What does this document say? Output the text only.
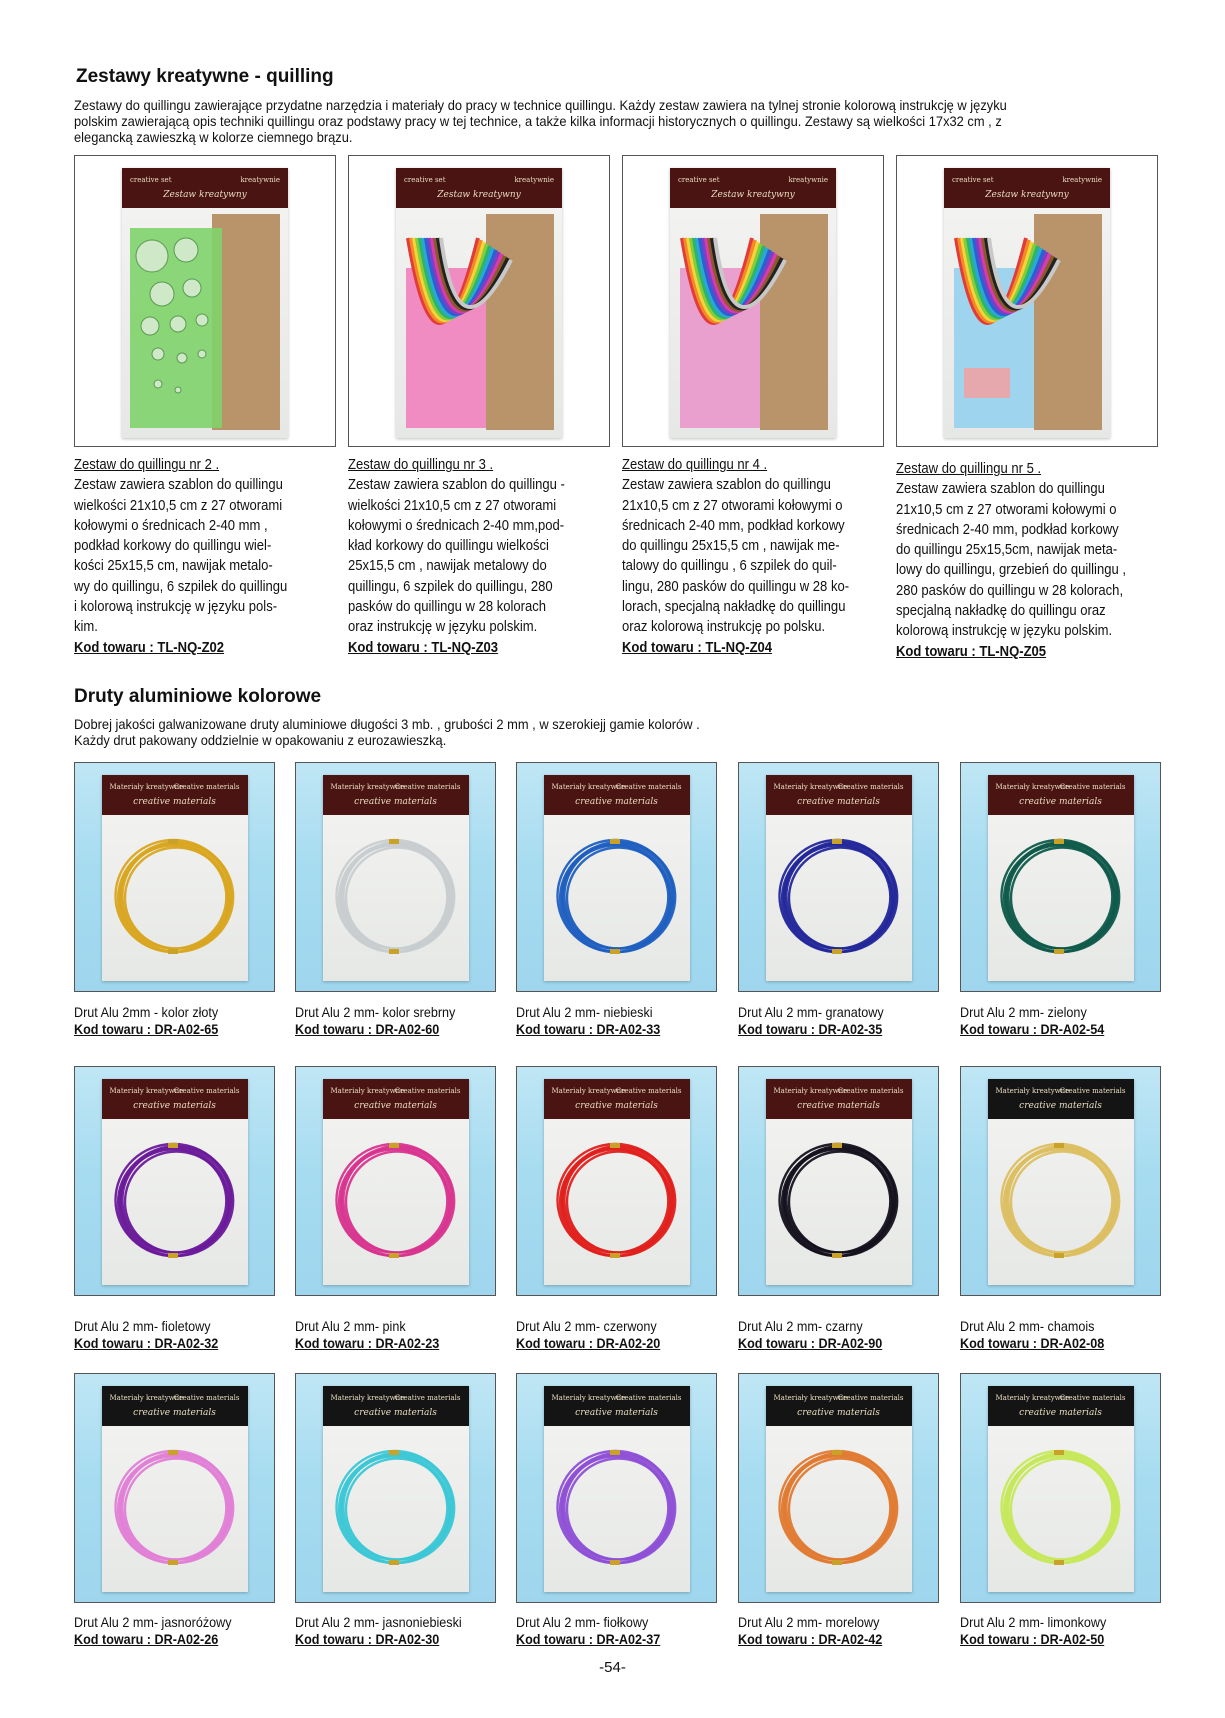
Zestawy kreatywne - quilling
Zestawy do quillingu zawierające przydatne narzędzia i materiały do pracy w technice quillingu. Każdy zestaw zawiera na tylnej stronie kolorową instrukcję w języku
polskim zawierającą opis techniki quillingu oraz podstawy pracy w tej technice, a także kilka informacji historycznych o quillingu. Zestawy są wielkości 17x32 cm , z
elegancką zawieszką w kolorze ciemnego brązu.
creative set	kreatywnie
Zestaw kreatywny
Zestaw do quillingu nr 2 .
Zestaw zawiera szablon do quillingu
wielkości 21x10,5 cm z 27 otworami
kołowymi o średnicach 2-40 mm ,
podkład korkowy do quillingu wiel-
kości 25x15,5 cm, nawijak metalo-
wy do quillingu, 6 szpilek do quillingu
i kolorową instrukcję w języku pols-
kim.
Kod towaru : TL-NQ-Z02
creative set	kreatywnie
Zestaw kreatywny
Zestaw do quillingu nr 3 .
Zestaw zawiera szablon do quillingu -
wielkości 21x10,5 cm z 27 otworami
kołowymi o średnicach 2-40 mm,pod-
kład korkowy do quillingu wielkości
25x15,5 cm , nawijak metalowy do
quillingu, 6 szpilek do quillingu, 280
pasków do quillingu w 28 kolorach
oraz instrukcję w języku polskim.
Kod towaru : TL-NQ-Z03
creative set	kreatywnie
Zestaw kreatywny
Zestaw do quillingu nr 4 .
Zestaw zawiera szablon do quillingu
21x10,5 cm z 27 otworami kołowymi o
średnicach 2-40 mm, podkład korkowy
do quillingu 25x15,5 cm , nawijak me-
talowy do quillingu , 6 szpilek do quil-
lingu, 280 pasków do quillingu w 28 ko-
lorach, specjalną nakładkę do quillingu
oraz kolorową instrukcję po polsku.
Kod towaru : TL-NQ-Z04
creative set	kreatywnie
Zestaw kreatywny
Zestaw do quillingu nr 5 .
Zestaw zawiera szablon do quillingu
21x10,5 cm z 27 otworami kołowymi o
średnicach 2-40 mm, podkład korkowy
do quillingu 25x15,5cm, nawijak meta-
lowy do quillingu, grzebień do quillingu ,
280 pasków do quillingu w 28 kolorach,
specjalną nakładkę do quillingu oraz
kolorową instrukcję w języku polskim.
Kod towaru : TL-NQ-Z05
Druty aluminiowe kolorowe
Dobrej jakości galwanizowane druty aluminiowe długości 3 mb. , grubości 2 mm , w szerokiejj gamie kolorów .
Każdy drut pakowany oddzielnie w opakowaniu z eurozawieszką.
Materiały kreatywne
Creative materials
creative materials
Drut Alu 2mm - kolor złoty
Kod towaru : DR-A02-65
Materiały kreatywne
Creative materials
creative materials
Drut Alu 2 mm- kolor srebrny
Kod towaru : DR-A02-60
Materiały kreatywne
Creative materials
creative materials
Drut Alu 2 mm- niebieski
Kod towaru : DR-A02-33
Materiały kreatywne
Creative materials
creative materials
Drut Alu 2 mm- granatowy
Kod towaru : DR-A02-35
Materiały kreatywne
Creative materials
creative materials
Drut Alu 2 mm- zielony
Kod towaru : DR-A02-54
Materiały kreatywne
Creative materials
creative materials
Drut Alu 2 mm- fioletowy
Kod towaru : DR-A02-32
Materiały kreatywne
Creative materials
creative materials
Drut Alu 2 mm- pink
Kod towaru : DR-A02-23
Materiały kreatywne
Creative materials
creative materials
Drut Alu 2 mm- czerwony
Kod towaru : DR-A02-20
Materiały kreatywne
Creative materials
creative materials
Drut Alu 2 mm- czarny
Kod towaru : DR-A02-90
Materiały kreatywne
Creative materials
creative materials
Drut Alu 2 mm- chamois
Kod towaru : DR-A02-08
Materiały kreatywne
Creative materials
creative materials
Drut Alu 2 mm- jasnoróżowy
Kod towaru : DR-A02-26
Materiały kreatywne
Creative materials
creative materials
Drut Alu 2 mm- jasnoniebieski
Kod towaru : DR-A02-30
Materiały kreatywne
Creative materials
creative materials
Drut Alu 2 mm- fiołkowy
Kod towaru : DR-A02-37
Materiały kreatywne
Creative materials
creative materials
Drut Alu 2 mm- morelowy
Kod towaru : DR-A02-42
Materiały kreatywne
Creative materials
creative materials
Drut Alu 2 mm- limonkowy
Kod towaru : DR-A02-50
-54-
